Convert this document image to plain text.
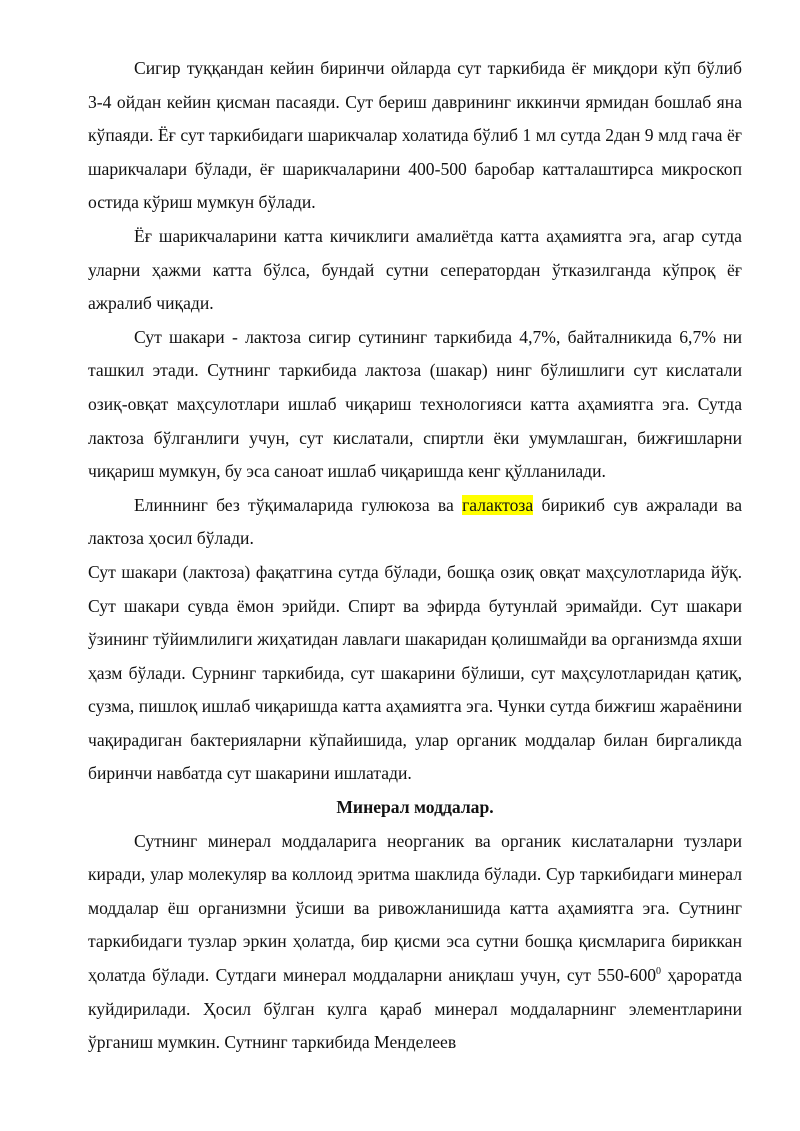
Сигир туққандан кейин биринчи ойларда сут таркибида ёғ миқдори кўп бўлиб 3-4 ойдан кейин қисман пасаяди. Сут бериш даврининг иккинчи ярмидан бошлаб яна кўпаяди. Ёғ сут таркибидаги шарикчалар холатида бўлиб 1 мл сутда 2дан 9 млд гача ёғ шарикчалари бўлади, ёғ шарикчаларини 400-500 баробар катталаштирса микроскоп остида кўриш мумкун бўлади.

Ёғ шарикчаларини катта кичиклиги амалиётда катта аҳамиятга эга, агар сутда уларни ҳажми катта бўлса, бундай сутни сеператордан ўтказилганда кўпроқ ёғ ажралиб чиқади.

Сут шакари - лактоза сигир сутининг таркибида 4,7%, байталникида 6,7% ни ташкил этади. Сутнинг таркибида лактоза (шакар) нинг бўлишлиги сут кислатали озиқ-овқат маҳсулотлари ишлаб чиқариш технологияси катта аҳамиятга эга. Сутда лактоза бўлганлиги учун, сут кислатали, спиртли ёки умумлашган, бижғишларни чиқариш мумкун, бу эса саноат ишлаб чиқаришда кенг қўлланилади.

Елиннинг без тўқималарида гулюкоза ва галактоза бирикиб сув ажралади ва лактоза ҳосил бўлади.

Сут шакари (лактоза) фақатгина сутда бўлади, бошқа озиқ овқат маҳсулотларида йўқ. Сут шакари сувда ёмон эрийди. Спирт ва эфирда бутунлай эримайди. Сут шакари ўзининг тўйимлилиги жиҳатидан лавлаги шакаридан қолишмайди ва организмда яхши ҳазм бўлади. Сурнинг таркибида, сут шакарини бўлиши, сут маҳсулотларидан қатиқ, сузма, пишлоқ ишлаб чиқаришда катта аҳамиятга эга. Чунки сутда бижғиш жараёнини чақирадиган бактерияларни кўпайишида, улар органик моддалар билан биргаликда биринчи навбатда сут шакарини ишлатади.

Минерал моддалар.

Сутнинг минерал моддаларига неорганик ва органик кислаталарни тузлари киради, улар молекуляр ва коллоид эритма шаклида бўлади. Сур таркибидаги минерал моддалар ёш организмни ўсиши ва ривожланишида катта аҳамиятга эга. Сутнинг таркибидаги тузлар эркин ҳолатда, бир қисми эса сутни бошқа қисмларига бириккан ҳолатда бўлади. Сутдаги минерал моддаларни аниқлаш учун, сут $550-600^0$ ҳароратда куйдирилади. Ҳосил бўлган кулга қараб минерал моддаларнинг элементларини ўрганиш мумкин. Сутнинг таркибида Менделеев
